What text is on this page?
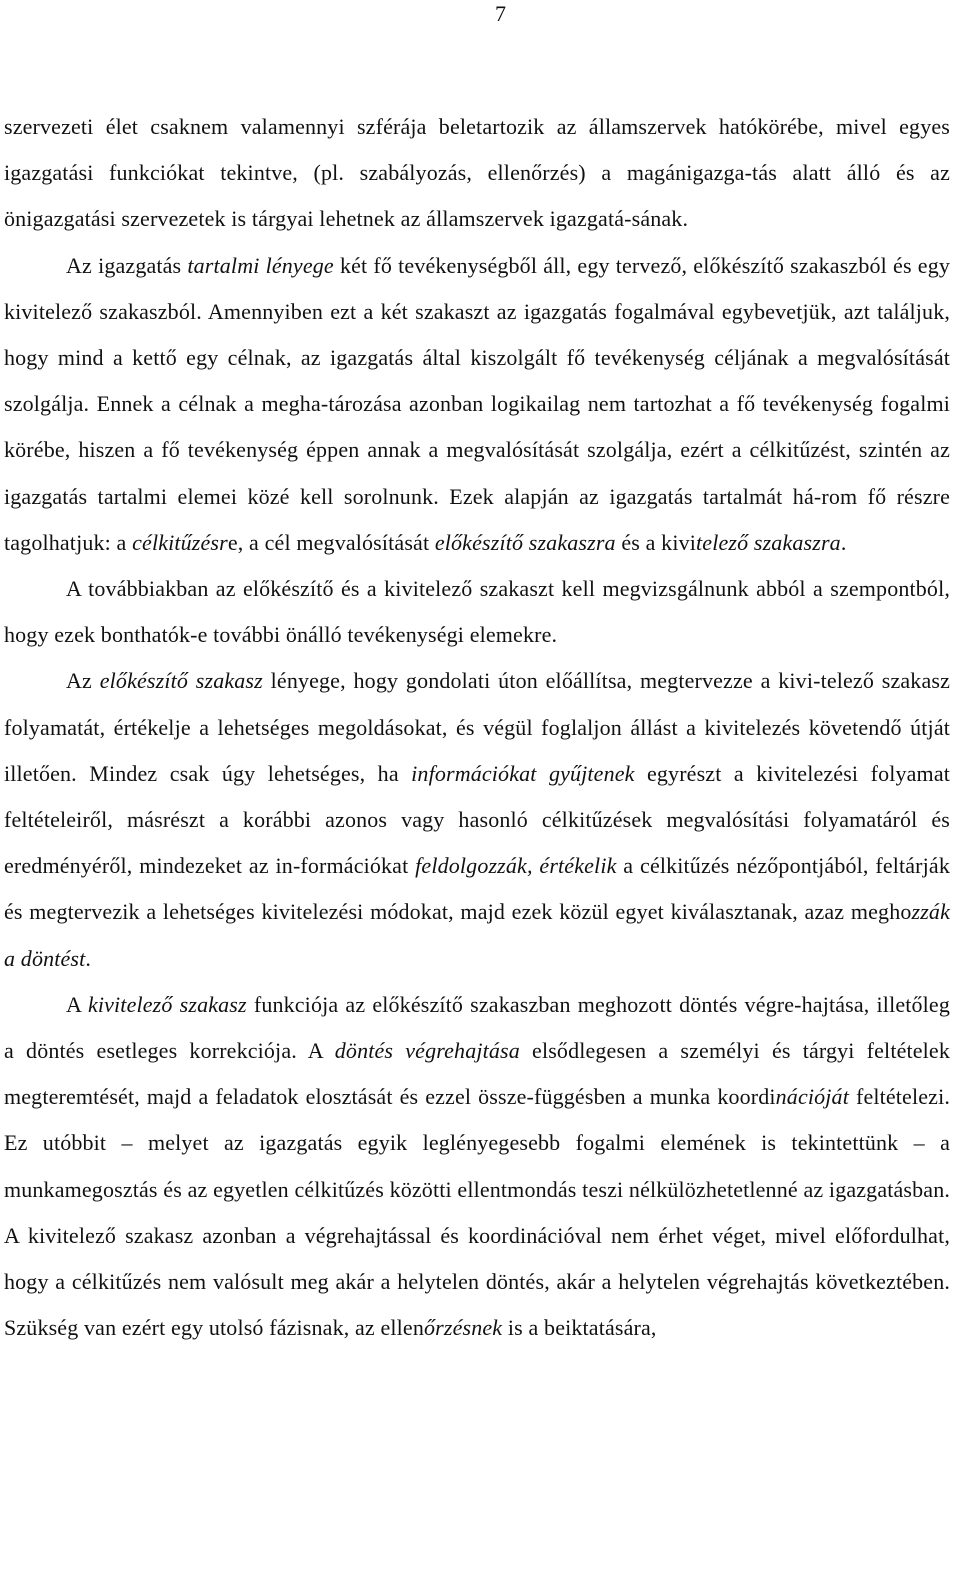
7

szervezeti élet csaknem valamennyi szférája beletartozik az államszervek hatókörébe, mivel egyes igazgatási funkciókat tekintve, (pl. szabályozás, ellenőrzés) a magánigazga-tás alatt álló és az önigazgatási szervezetek is tárgyai lehetnek az államszervek igazgatá-sának.

Az igazgatás tartalmi lényege két fő tevékenységből áll, egy tervező, előkészítő szakaszból és egy kivitelező szakaszból. Amennyiben ezt a két szakaszt az igazgatás fogalmával egybevetjük, azt találjuk, hogy mind a kettő egy célnak, az igazgatás által kiszolgált fő tevékenység céljának a megvalósítását szolgálja. Ennek a célnak a megha-tározása azonban logikailag nem tartozhat a fő tevékenység fogalmi körébe, hiszen a fő tevékenység éppen annak a megvalósítását szolgálja, ezért a célkitűzést, szintén az igazgatás tartalmi elemei közé kell sorolnunk. Ezek alapján az igazgatás tartalmát há-rom fő részre tagolhatjuk: a célkitűzésre, a cél megvalósítását előkészítő szakaszra és a kivitelező szakaszra.

A továbbiakban az előkészítő és a kivitelező szakaszt kell megvizsgálnunk abból a szempontból, hogy ezek bonthatók-e további önálló tevékenységi elemekre.

Az előkészítő szakasz lényege, hogy gondolati úton előállítsa, megtervezze a kivi-telező szakasz folyamatát, értékelje a lehetséges megoldásokat, és végül foglaljon állást a kivitelezés követendő útját illetően. Mindez csak úgy lehetséges, ha információkat gyűjtenek egyrészt a kivitelezési folyamat feltételeiről, másrészt a korábbi azonos vagy hasonló célkitűzések megvalósítási folyamatáról és eredményéről, mindezeket az in-formációkat feldolgozzák, értékelik a célkitűzés nézőpontjából, feltárják és megtervezik a lehetséges kivitelezési módokat, majd ezek közül egyet kiválasztanak, azaz meghozzák a döntést.

A kivitelező szakasz funkciója az előkészítő szakaszban meghozott döntés végre-hajtása, illetőleg a döntés esetleges korrekciója. A döntés végrehajtása elsődlegesen a személyi és tárgyi feltételek megteremtését, majd a feladatok elosztását és ezzel össze-függésben a munka koordinációját feltételezi. Ez utóbbit – melyet az igazgatás egyik leglényegesebb fogalmi elemének is tekintettünk – a munkamegosztás és az egyetlen célkitűzés közötti ellentmondás teszi nélkülözhetetlenné az igazgatásban. A kivitelező szakasz azonban a végrehajtással és koordinációval nem érhet véget, mivel előfordulhat, hogy a célkitűzés nem valósult meg akár a helytelen döntés, akár a helytelen végrehajtás következtében. Szükség van ezért egy utolsó fázisnak, az ellenőrzésnek is a beiktatására,
